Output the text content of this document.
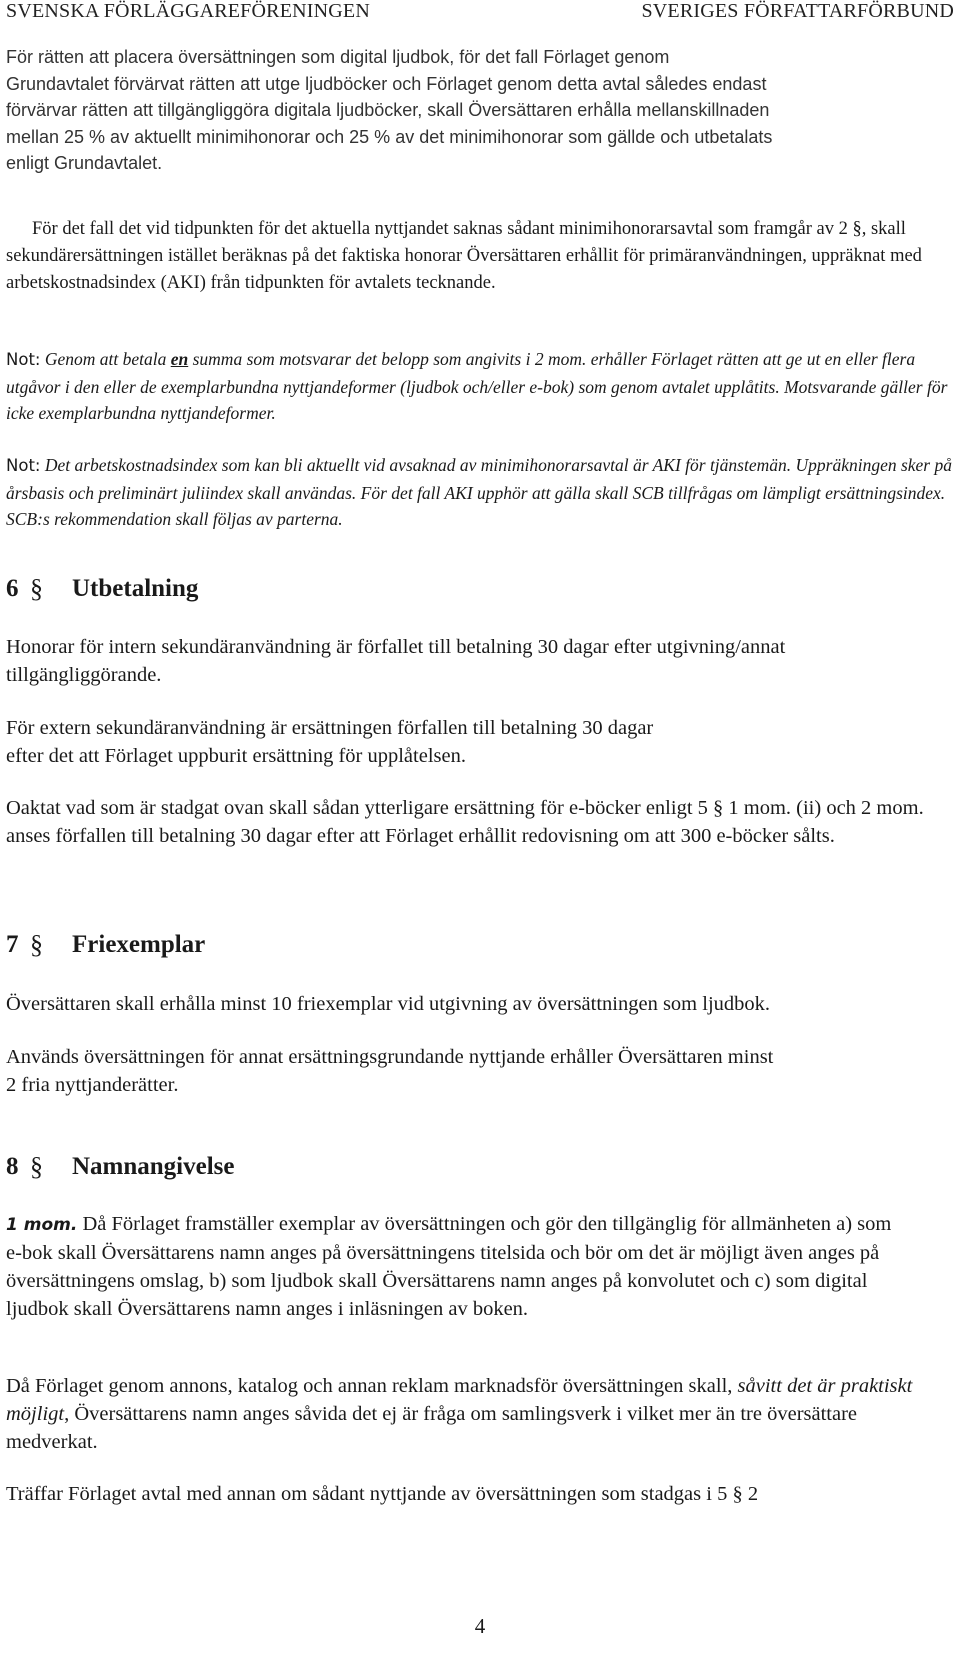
SVENSKA FÖRLÄGGAREFÖRENINGEN	SVERIGES FÖRFATTARFÖRBUND
För rätten att placera översättningen som digital ljudbok, för det fall Förlaget genom
Grundavtalet förvärvat rätten att utge ljudböcker och Förlaget genom detta avtal således endast
förvärvar rätten att tillgängliggöra digitala ljudböcker, skall Översättaren erhålla mellanskillnaden
mellan 25 % av aktuellt minimihonorar och 25 % av det minimihonorar som gällde och utbetalats
enligt Grundavtalet.
För det fall det vid tidpunkten för det aktuella nyttjandet saknas sådant minimihonorarsavtal som framgår av 2 §, skall sekundärersättningen istället beräknas på det faktiska honorar Översättaren erhållit för primäranvändningen, uppräknat med arbetskostnadsindex (AKI) från tidpunkten för avtalets tecknande.
Not: Genom att betala en summa som motsvarar det belopp som angivits i 2 mom. erhåller Förlaget rätten att ge ut en eller flera utgåvor i den eller de exemplarbundna nyttjandeformer (ljudbok och/eller e-bok) som genom avtalet upplåtits. Motsvarande gäller för icke exemplarbundna nyttjandeformer.
Not: Det arbetskostnadsindex som kan bli aktuellt vid avsaknad av minimihonorarsavtal är AKI för tjänstemän. Uppräkningen sker på årsbasis och preliminärt juliindex skall användas. För det fall AKI upphör att gälla skall SCB tillfrågas om lämpligt ersättningsindex. SCB:s rekommendation skall följas av parterna.
6 §	Utbetalning
Honorar för intern sekundäranvändning är förfallet till betalning 30 dagar efter utgivning/annat tillgängliggörande.
För extern sekundäranvändning är ersättningen förfallen till betalning 30 dagar
efter det att Förlaget uppburit ersättning för upplåtelsen.
Oaktat vad som är stadgat ovan skall sådan ytterligare ersättning för e-böcker enligt 5 § 1 mom. (ii) och 2 mom. anses förfallen till betalning 30 dagar efter att Förlaget erhållit redovisning om att 300 e-böcker sålts.
7 §	Friexemplar
Översättaren skall erhålla minst 10 friexemplar vid utgivning av översättningen som ljudbok.
Används översättningen för annat ersättningsgrundande nyttjande erhåller Översättaren minst
2 fria nyttjanderätter.
8 §	Namnangivelse
1 mom. Då Förlaget framställer exemplar av översättningen och gör den tillgänglig för allmänheten a) som e-bok skall Översättarens namn anges på översättningens titelsida och bör om det är möjligt även anges på översättningens omslag, b) som ljudbok skall Översättarens namn anges på konvolutet och c) som digital ljudbok skall Översättarens namn anges i inläsningen av boken.
Då Förlaget genom annons, katalog och annan reklam marknadsför översättningen skall, såvitt det är praktiskt möjligt, Översättarens namn anges såvida det ej är fråga om samlingsverk i vilket mer än tre översättare medverkat.
Träffar Förlaget avtal med annan om sådant nyttjande av översättningen som stadgas i 5 § 2
4
